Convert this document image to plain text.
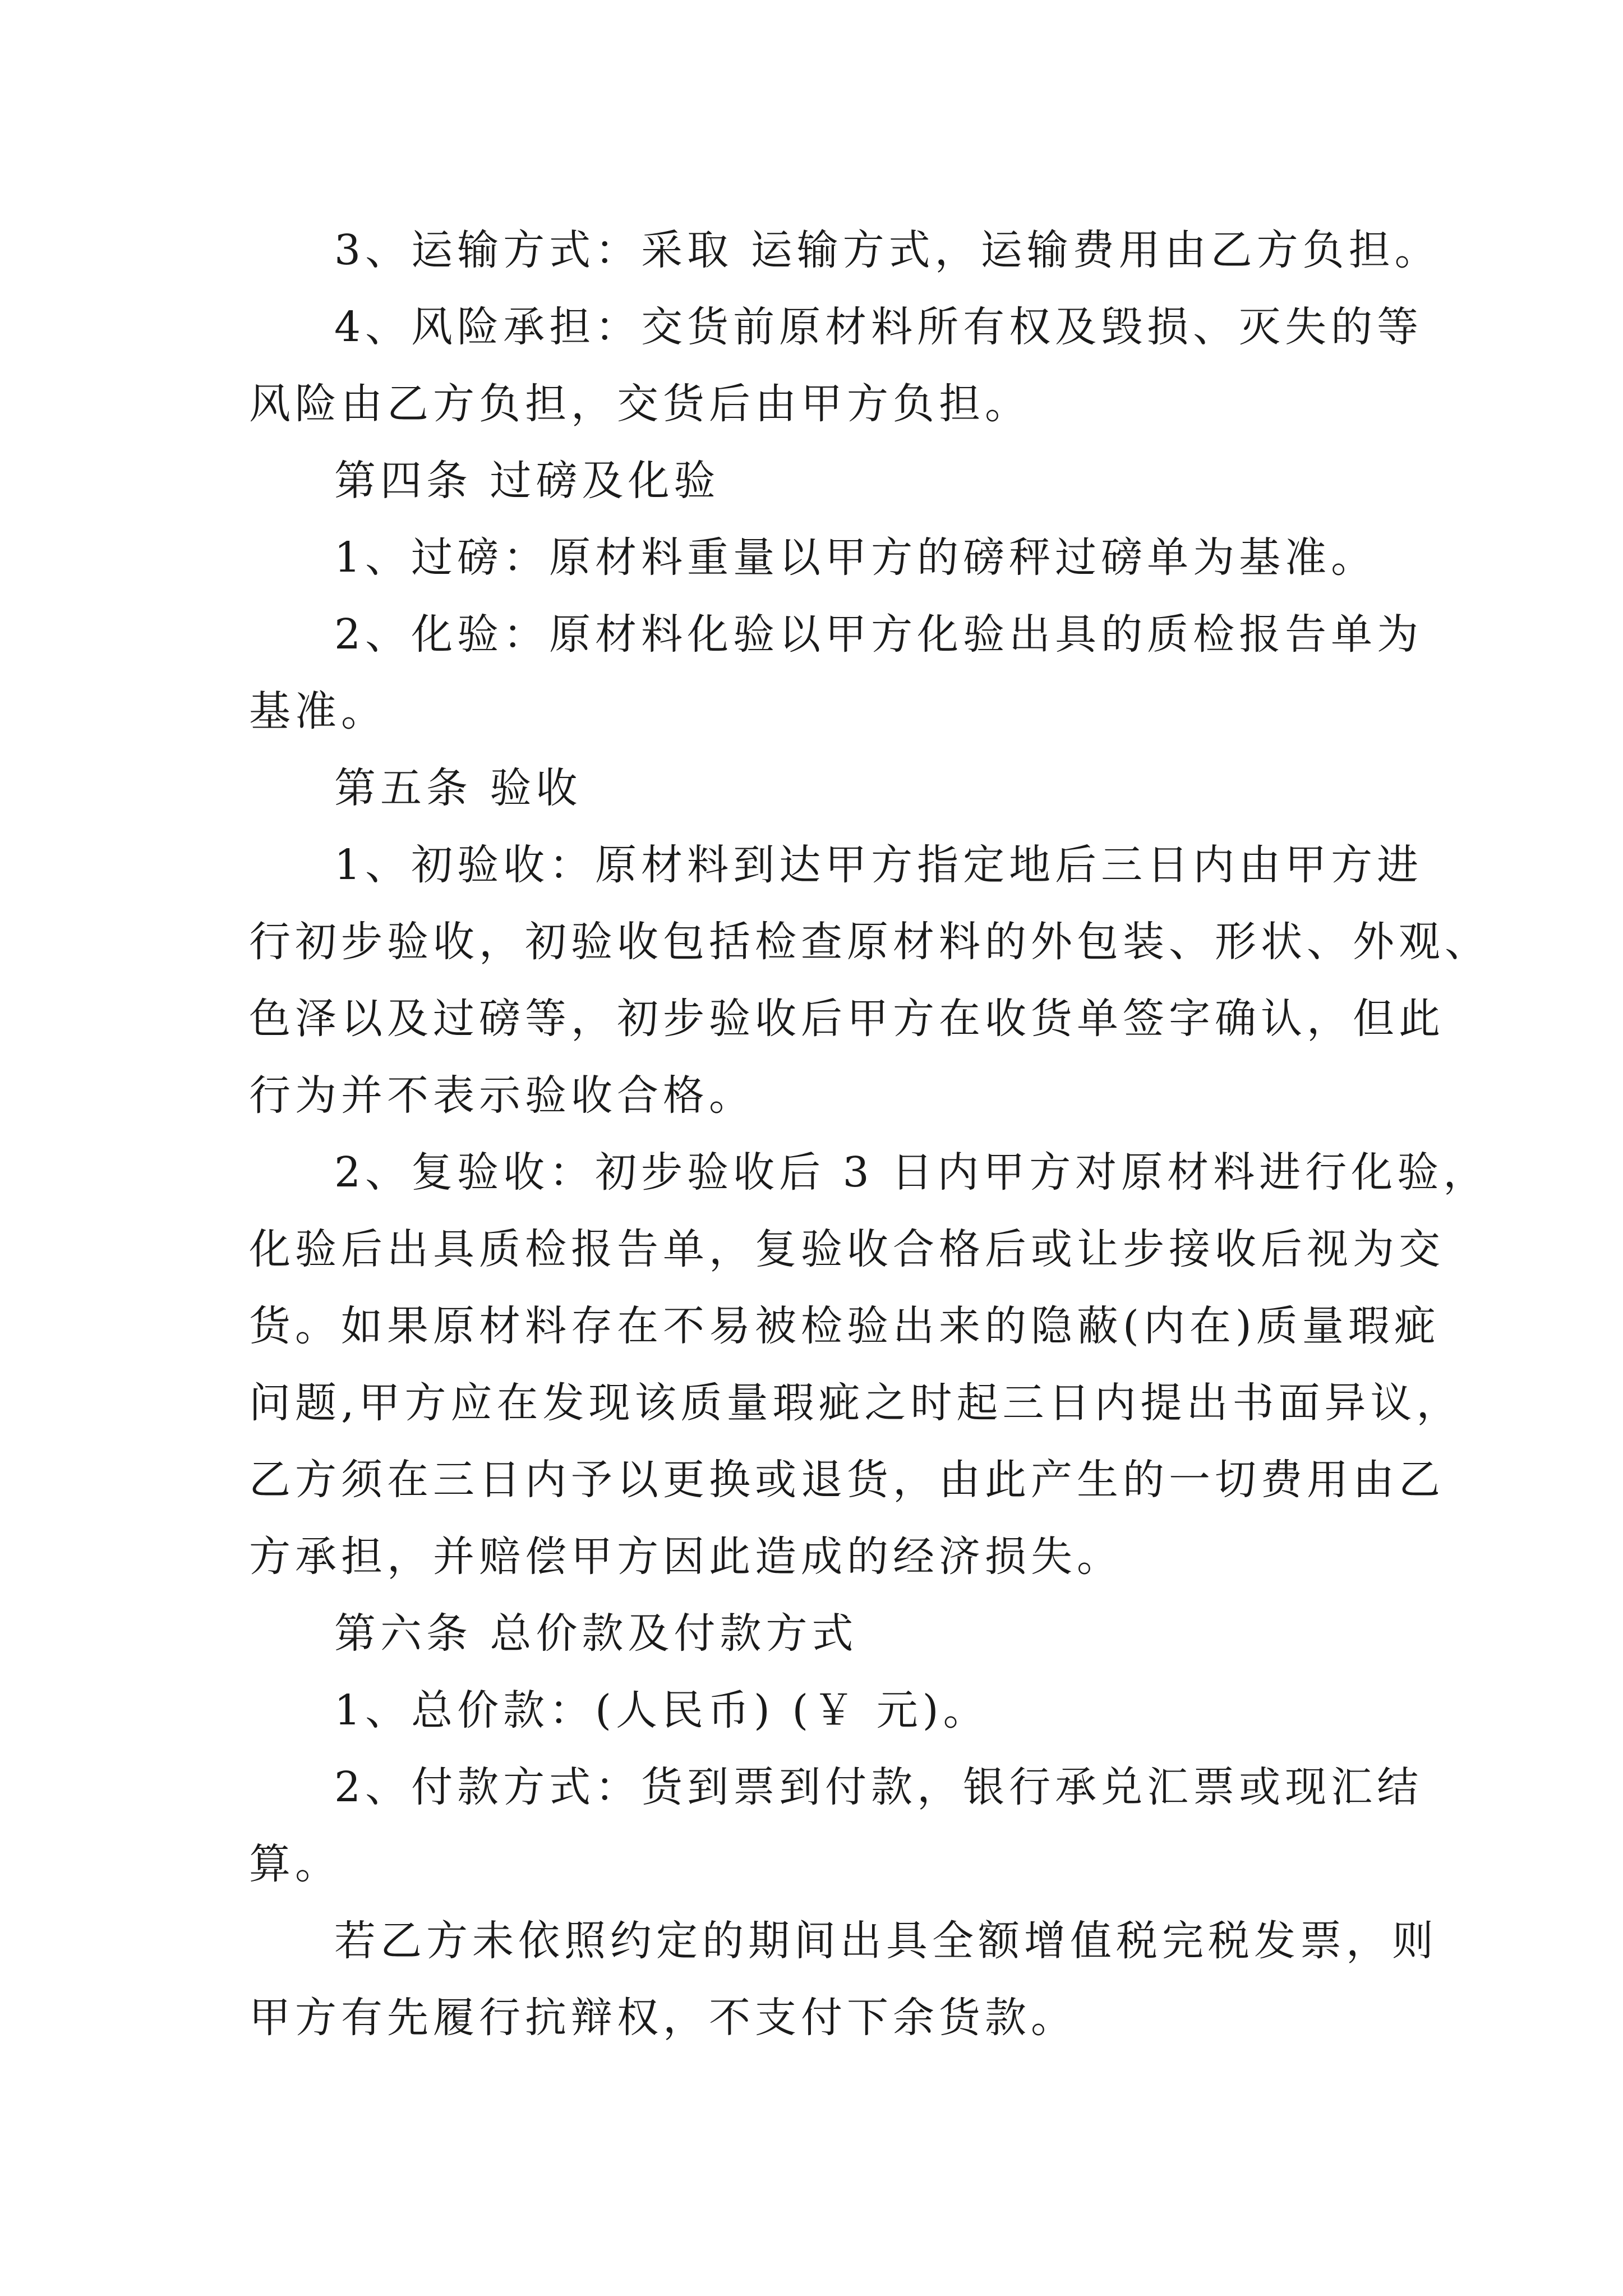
3、运输方式：采取 运输方式，运输费用由乙方负担。
4、风险承担：交货前原材料所有权及毁损、灭失的等
风险由乙方负担，交货后由甲方负担。
第四条 过磅及化验
1、过磅：原材料重量以甲方的磅秤过磅单为基准。
2、化验：原材料化验以甲方化验出具的质检报告单为
基准。
第五条 验收
1、初验收：原材料到达甲方指定地后三日内由甲方进
行初步验收，初验收包括检查原材料的外包装、形状、外观、
色泽以及过磅等，初步验收后甲方在收货单签字确认，但此
行为并不表示验收合格。
2、复验收：初步验收后 3 日内甲方对原材料进行化验，
化验后出具质检报告单，复验收合格后或让步接收后视为交
货。如果原材料存在不易被检验出来的隐蔽(内在)质量瑕疵
问题,甲方应在发现该质量瑕疵之时起三日内提出书面异议，
乙方须在三日内予以更换或退货，由此产生的一切费用由乙
方承担，并赔偿甲方因此造成的经济损失。
第六条 总价款及付款方式
1、总价款：(人民币) (￥ 元)。
2、付款方式：货到票到付款，银行承兑汇票或现汇结
算。
若乙方未依照约定的期间出具全额增值税完税发票，则
甲方有先履行抗辩权，不支付下余货款。
